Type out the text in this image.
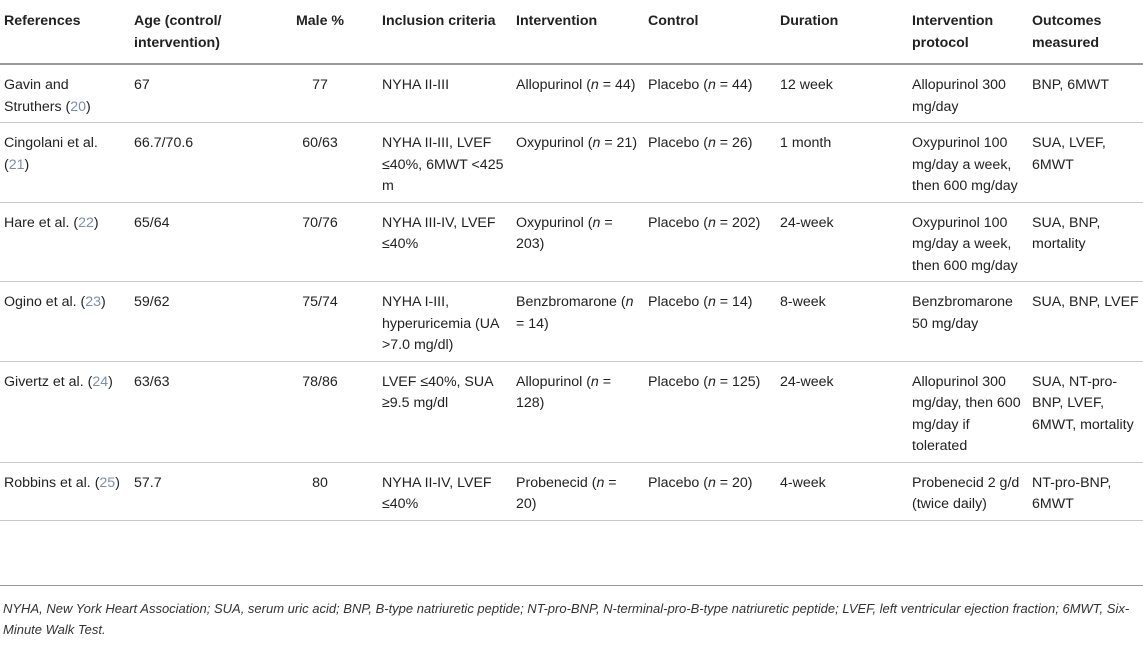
References	Age (control/ intervention)	Male %	Inclusion criteria	Intervention	Control	Duration	Intervention protocol	Outcomes measured
Gavin and Struthers (20)	67	77	NYHA II-III	Allopurinol (n = 44)	Placebo (n = 44)	12 week	Allopurinol 300 mg/day	BNP, 6MWT
Cingolani et al. (21)	66.7/70.6	60/63	NYHA II-III, LVEF ≤40%, 6MWT <425 m	Oxypurinol (n = 21)	Placebo (n = 26)	1 month	Oxypurinol 100 mg/day a week, then 600 mg/day	SUA, LVEF, 6MWT
Hare et al. (22)	65/64	70/76	NYHA III-IV, LVEF ≤40%	Oxypurinol (n = 203)	Placebo (n = 202)	24-week	Oxypurinol 100 mg/day a week, then 600 mg/day	SUA, BNP, mortality
Ogino et al. (23)	59/62	75/74	NYHA I-III, hyperuricemia (UA >7.0 mg/dl)	Benzbromarone (n = 14)	Placebo (n = 14)	8-week	Benzbromarone 50 mg/day	SUA, BNP, LVEF
Givertz et al. (24)	63/63	78/86	LVEF ≤40%, SUA ≥9.5 mg/dl	Allopurinol (n = 128)	Placebo (n = 125)	24-week	Allopurinol 300 mg/day, then 600 mg/day if tolerated	SUA, NT-pro-BNP, LVEF, 6MWT, mortality
Robbins et al. (25)	57.7	80	NYHA II-IV, LVEF ≤40%	Probenecid (n = 20)	Placebo (n = 20)	4-week	Probenecid 2 g/d (twice daily)	NT-pro-BNP, 6MWT

NYHA, New York Heart Association; SUA, serum uric acid; BNP, B-type natriuretic peptide; NT-pro-BNP, N-terminal-pro-B-type natriuretic peptide; LVEF, left ventricular ejection fraction; 6MWT, Six-Minute Walk Test.
